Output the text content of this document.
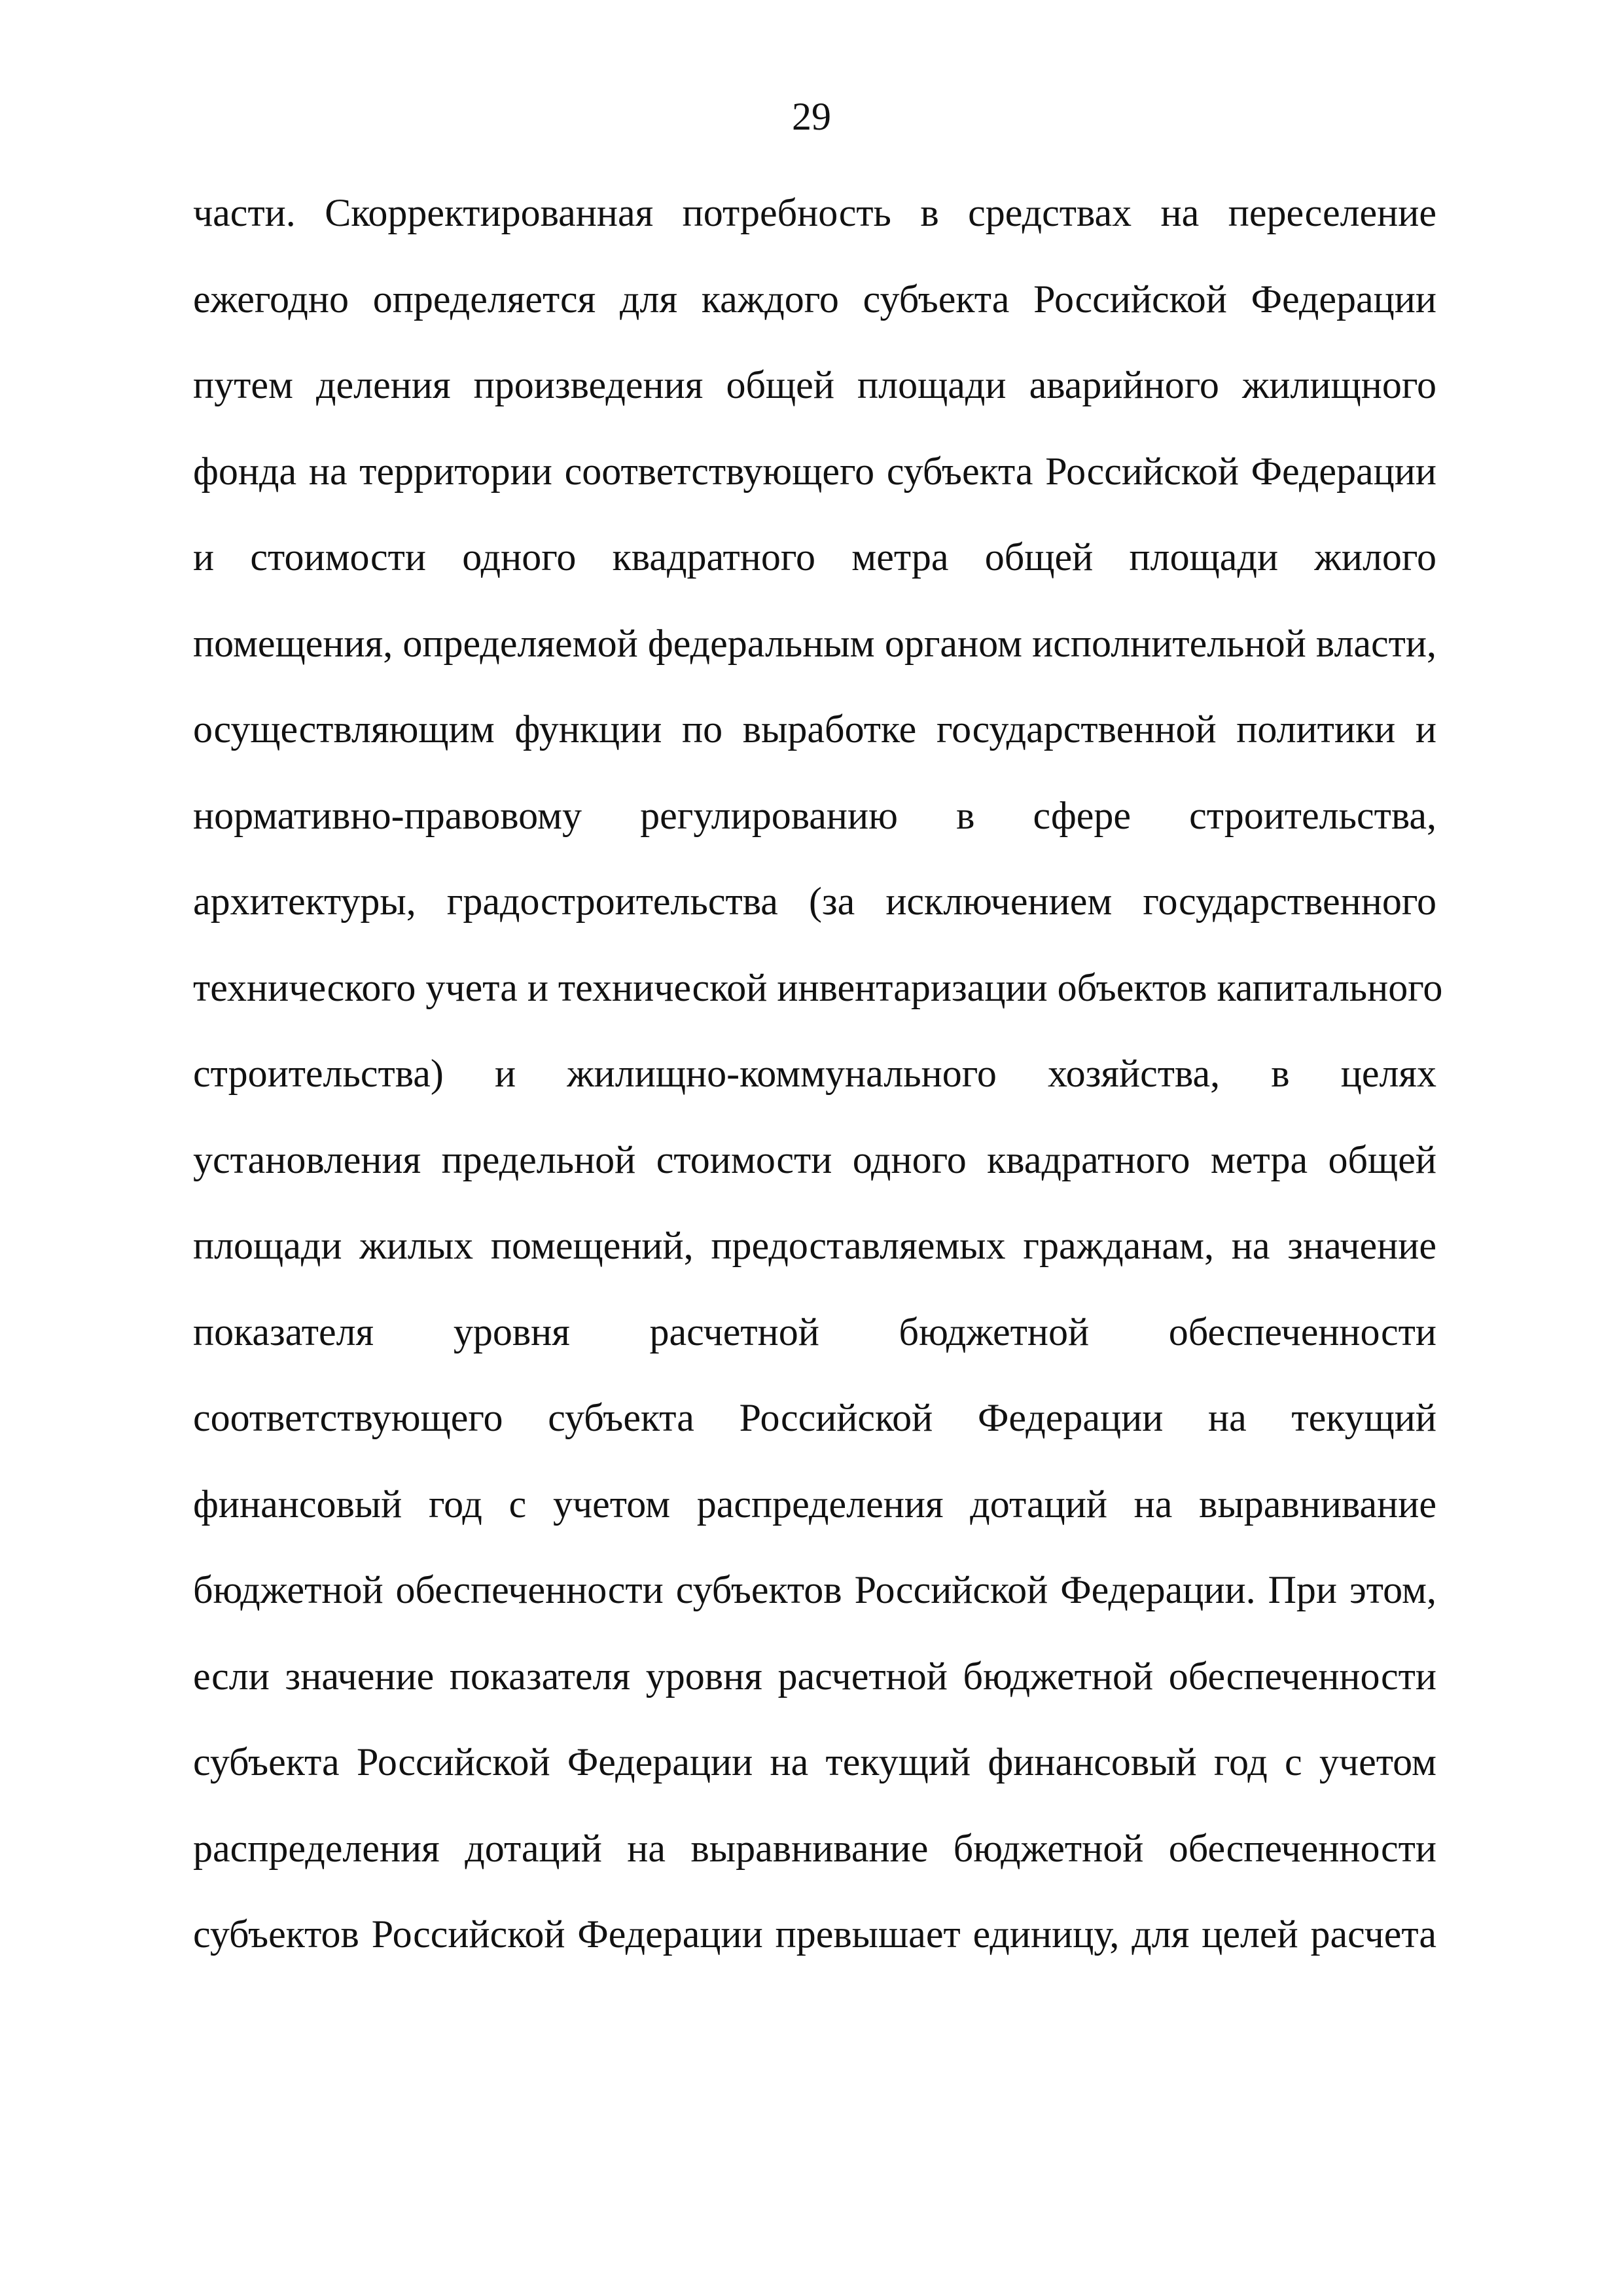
29
части. Скорректированная потребность в средствах на переселение
ежегодно определяется для каждого субъекта Российской Федерации
путем деления произведения общей площади аварийного жилищного
фонда на территории соответствующего субъекта Российской Федерации
и стоимости одного квадратного метра общей площади жилого
помещения, определяемой федеральным органом исполнительной власти,
осуществляющим функции по выработке государственной политики и
нормативно-правовому регулированию в сфере строительства,
архитектуры, градостроительства (за исключением государственного
технического учета и технической инвентаризации объектов капитального
строительства) и жилищно-коммунального хозяйства, в целях
установления предельной стоимости одного квадратного метра общей
площади жилых помещений, предоставляемых гражданам, на значение
показателя уровня расчетной бюджетной обеспеченности
соответствующего субъекта Российской Федерации на текущий
финансовый год с учетом распределения дотаций на выравнивание
бюджетной обеспеченности субъектов Российской Федерации. При этом,
если значение показателя уровня расчетной бюджетной обеспеченности
субъекта Российской Федерации на текущий финансовый год с учетом
распределения дотаций на выравнивание бюджетной обеспеченности
субъектов Российской Федерации превышает единицу, для целей расчета
